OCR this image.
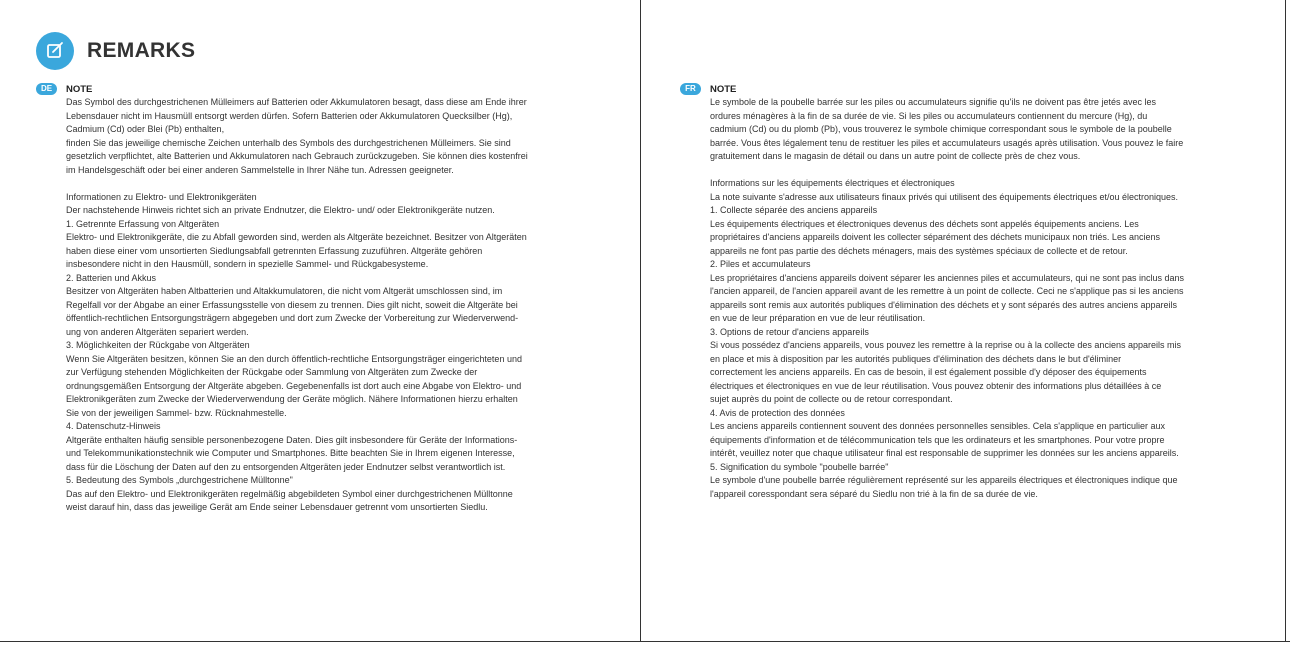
REMARKS
DE	NOTE
Das Symbol des durchgestrichenen Mülleimers auf Batterien oder Akkumulatoren besagt, dass diese am Ende ihrer
Lebensdauer nicht im Hausmüll entsorgt werden dürfen. Sofern Batterien oder Akkumulatoren Quecksilber (Hg),
Cadmium (Cd) oder Blei (Pb) enthalten,
finden Sie das jeweilige chemische Zeichen unterhalb des Symbols des durchgestrichenen Mülleimers. Sie sind
gesetzlich verpflichtet, alte Batterien und Akkumulatoren nach Gebrauch zurückzugeben. Sie können dies kostenfrei
im Handelsgeschäft oder bei einer anderen Sammelstelle in Ihrer Nähe tun. Adressen geeigneter.
Informationen zu Elektro- und Elektronikgeräten
Der nachstehende Hinweis richtet sich an private Endnutzer, die Elektro- und/ oder Elektronikgeräte nutzen.
1. Getrennte Erfassung von Altgeräten
Elektro- und Elektronikgeräte, die zu Abfall geworden sind, werden als Altgeräte bezeichnet. Besitzer von Altgeräten
haben diese einer vom unsortierten Siedlungsabfall getrennten Erfassung zuzuführen. Altgeräte gehören
insbesondere nicht in den Hausmüll, sondern in spezielle Sammel- und Rückgabesysteme.
2. Batterien und Akkus
Besitzer von Altgeräten haben Altbatterien und Altakkumulatoren, die nicht vom Altgerät umschlossen sind, im
Regelfall vor der Abgabe an einer Erfassungsstelle von diesem zu trennen. Dies gilt nicht, soweit die Altgeräte bei
öffentlich-rechtlichen Entsorgungsträgern abgegeben und dort zum Zwecke der Vorbereitung zur Wiederverwend-
ung von anderen Altgeräten separiert werden.
3. Möglichkeiten der Rückgabe von Altgeräten
Wenn Sie Altgeräten besitzen, können Sie an den durch öffentlich-rechtliche Entsorgungsträger eingerichteten und
zur Verfügung stehenden Möglichkeiten der Rückgabe oder Sammlung von Altgeräten zum Zwecke der
ordnungsgemäßen Entsorgung der Altgeräte abgeben. Gegebenenfalls ist dort auch eine Abgabe von Elektro- und
Elektronikgeräten zum Zwecke der Wiederverwendung der Geräte möglich. Nähere Informationen hierzu erhalten
Sie von der jeweiligen Sammel- bzw. Rücknahmestelle.
4. Datenschutz-Hinweis
Altgeräte enthalten häufig sensible personenbezogene Daten. Dies gilt insbesondere für Geräte der Informations-
und Telekommunikationstechnik wie Computer und Smartphones. Bitte beachten Sie in Ihrem eigenen Interesse,
dass für die Löschung der Daten auf den zu entsorgenden Altgeräten jeder Endnutzer selbst verantwortlich ist.
5. Bedeutung des Symbols „durchgestrichene Mülltonne"
Das auf den Elektro- und Elektronikgeräten regelmäßig abgebildeten Symbol einer durchgestrichenen Mülltonne
weist darauf hin, dass das jeweilige Gerät am Ende seiner Lebensdauer getrennt vom unsortierten Siedlu.
FR	NOTE
Le symbole de la poubelle barrée sur les piles ou accumulateurs signifie qu'ils ne doivent pas être jetés avec les
ordures ménagères à la fin de sa durée de vie. Si les piles ou accumulateurs contiennent du mercure (Hg), du
cadmium (Cd) ou du plomb (Pb), vous trouverez le symbole chimique correspondant sous le symbole de la poubelle
barrée. Vous êtes légalement tenu de restituer les piles et accumulateurs usagés après utilisation. Vous pouvez le faire
gratuitement dans le magasin de détail ou dans un autre point de collecte près de chez vous.
Informations sur les équipements électriques et électroniques
La note suivante s'adresse aux utilisateurs finaux privés qui utilisent des équipements électriques et/ou électroniques.
1. Collecte séparée des anciens appareils
Les équipements électriques et électroniques devenus des déchets sont appelés équipements anciens. Les
propriétaires d'anciens appareils doivent les collecter séparément des déchets municipaux non triés. Les anciens
appareils ne font pas partie des déchets ménagers, mais des systèmes spéciaux de collecte et de retour.
2. Piles et accumulateurs
Les propriétaires d'anciens appareils doivent séparer les anciennes piles et accumulateurs, qui ne sont pas inclus dans
l'ancien appareil, de l'ancien appareil avant de les remettre à un point de collecte. Ceci ne s'applique pas si les anciens
appareils sont remis aux autorités publiques d'élimination des déchets et y sont séparés des autres anciens appareils
en vue de leur préparation en vue de leur réutilisation.
3. Options de retour d'anciens appareils
Si vous possédez d'anciens appareils, vous pouvez les remettre à la reprise ou à la collecte des anciens appareils mis
en place et mis à disposition par les autorités publiques d'élimination des déchets dans le but d'éliminer
correctement les anciens appareils. En cas de besoin, il est également possible d'y déposer des équipements
électriques et électroniques en vue de leur réutilisation. Vous pouvez obtenir des informations plus détaillées à ce
sujet auprès du point de collecte ou de retour correspondant.
4. Avis de protection des données
Les anciens appareils contiennent souvent des données personnelles sensibles. Cela s'applique en particulier aux
équipements d'information et de télécommunication tels que les ordinateurs et les smartphones. Pour votre propre
intérêt, veuillez noter que chaque utilisateur final est responsable de supprimer les données sur les anciens appareils.
5. Signification du symbole "poubelle barrée"
Le symbole d'une poubelle barrée régulièrement représenté sur les appareils électriques et électroniques indique que
l'appareil coresspondant sera séparé du Siedlu non trié à la fin de sa durée de vie.
